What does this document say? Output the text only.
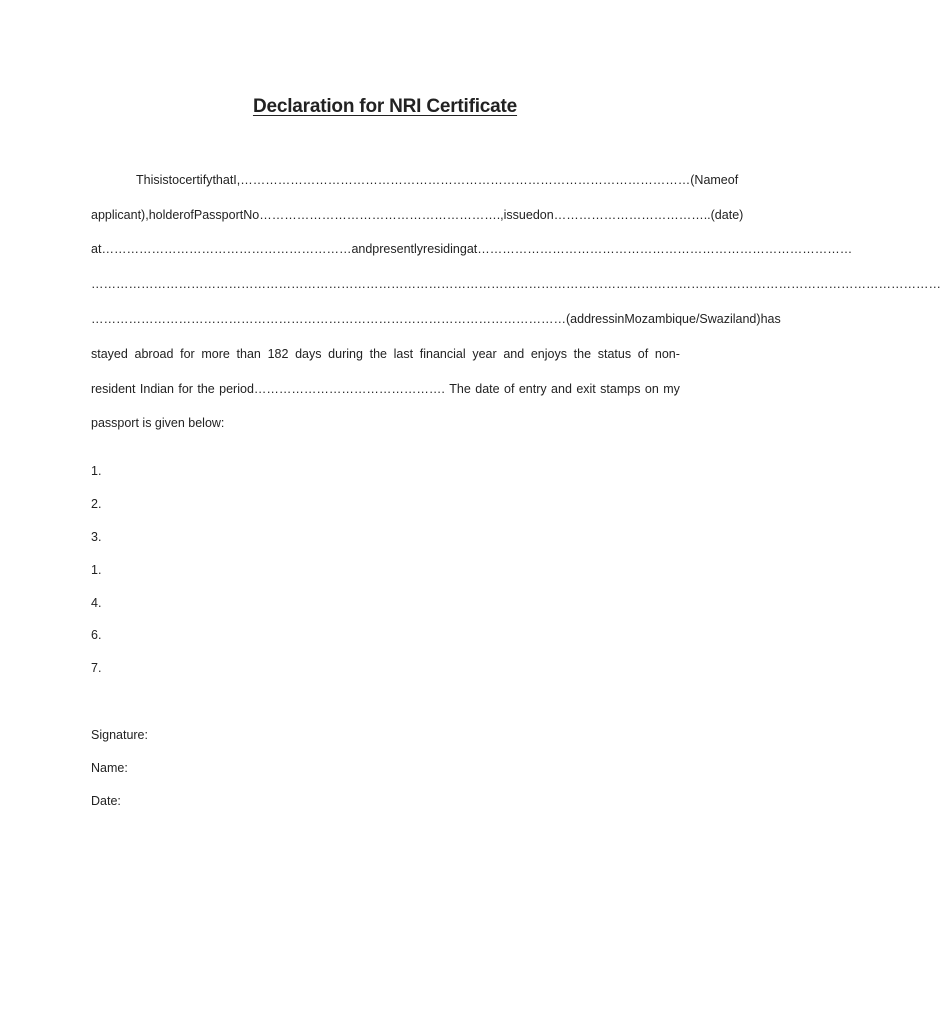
Declaration for NRI Certificate
This is to certify that I, ……………………………………………………………………………………………… (Name of
applicant), holder of Passport No…………………………………………………., issued on ………………………………..(date)
at …………………………………………………… and presently residing at ………………………………………………………………………………
……………………………………………………………………………………………………………………………………………………………………………………
……………………………………………………………………………………………………(address in Mozambique/Swaziland) has
stayed abroad for more than 182 days during the last financial year and enjoys the status of non-
resident Indian for the period………………………………………. The date of entry and exit stamps on my
passport is given below:
1.
2.
3.
1.
4.
6.
7.
Signature:
Name:
Date:
